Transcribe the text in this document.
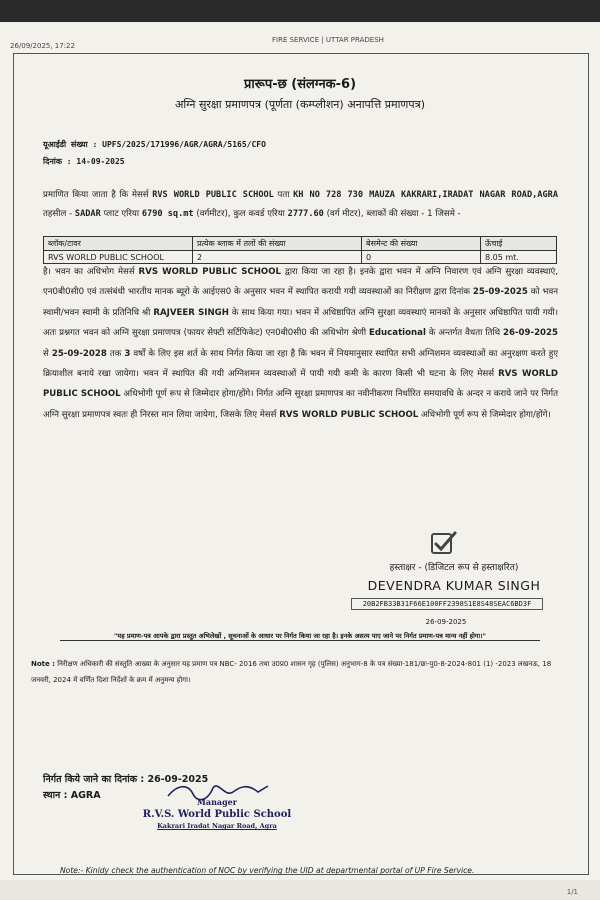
26/09/2025, 17:22
FIRE SERVICE | UTTAR PRADESH
प्रारूप-छ (संलग्नक-6)
अग्नि सुरक्षा प्रमाणपत्र (पूर्णता (कम्प्लीशन) अनापत्ति प्रमाणपत्र)
यूआईडी संख्या : UPFS/2025/171996/AGR/AGRA/5165/CFO
दिनांक : 14-09-2025
प्रमाणित किया जाता है कि मेसर्स RVS WORLD PUBLIC SCHOOL पता KH NO 728 730 MAUZA KAKRARI,IRADAT NAGAR ROAD,AGRA तहसील - SADAR प्लाट एरिया 6790 sq.mt (वर्गमीटर), कुल कवर्ड एरिया 2777.60 (वर्ग मीटर), ब्लाकों की संख्या - 1 जिसमे -
ब्लॉक/टावर	प्रत्येक ब्लाक में तलों की संख्या	बेसमेन्ट की संख्या	ऊँचाई
RVS WORLD PUBLIC SCHOOL	2	0	8.05 mt.
है। भवन का अधिभोग मेसर्स RVS WORLD PUBLIC SCHOOL द्वारा किया जा रहा है। इनके द्वारा भवन में अग्नि निवारण एवं अग्नि सुरक्षा व्यवस्थाएं, एन0बी0सी0 एवं तत्संबंधी भारतीय मानक ब्यूरो के आईएस0 के अनुसार भवन में स्थापित करायी गयी व्यवस्थाओं का निरीक्षण द्वारा दिनांक 25-09-2025 को भवन स्वामी/भवन स्वामी के प्रतिनिधि श्री RAJVEER SINGH के साथ किया गया। भवन में अधिष्ठापित अग्नि सुरक्षा व्यवस्थाएं मानकों के अनुसार अधिष्ठापित पायी गयी। अतः प्रश्नगत भवन को अग्नि सुरक्षा प्रमाणपत्र (फायर सेफ्टी सर्टिफिकेट) एन0बी0सी0 की अधिभोग श्रेणी Educational के अन्तर्गत वैधता तिथि 26-09-2025 से 25-09-2028 तक 3 वर्षों के लिए इस शर्त के साथ निर्गत किया जा रहा है कि भवन में नियमानुसार स्थापित सभी अग्निशमन व्यवस्थाओं का अनुरक्षण करते हुए क्रियाशील बनाये रखा जायेगा। भवन में स्थापित की गयी अग्निशमन व्यवस्थाओं में पायी गयी कमी के कारण किसी भी घटना के लिए मेसर्स RVS WORLD PUBLIC SCHOOL अधिभोगी पूर्ण रूप से जिम्मेदार होगा/होंगे। निर्गत अग्नि सुरक्षा प्रमाणपत्र का नवीनीकरण निर्धारित समयावधि के अन्दर न कराये जाने पर निर्गत अग्नि सुरक्षा प्रमाणपत्र स्वतः ही निरस्त मान लिया जायेगा, जिसके लिए मेसर्स RVS WORLD PUBLIC SCHOOL अधिभोगी पूर्ण रूप से जिम्मेदार होगा/होंगे।
"यह प्रमाण-पत्र आपके द्वारा प्रस्तुत अभिलेखों , सूचनाओं के आधार पर निर्गत किया जा रहा है। इनके असत्य पाए जाने पर निर्गत प्रमाण-पत्र मान्य नहीं होगा।"
Note : निरीक्षण अधिकारी की संस्तुति आख्या के अनुसार यह प्रमाण पत्र NBC- 2016 तथा उ0प्र0 शासन गृह (पुलिस) अनुभाग-8 के पत्र संख्या-181/छः-पु0-8-2024-801 (1) -2023 लखनऊ, 18 जनवरी, 2024 में वर्णित दिशा निर्देशों के क्रम में अनुमन्य होगा।
हस्ताक्षर - (डिजिटल रूप से हस्ताक्षरित)
DEVENDRA KUMAR SINGH
20B2FB33B31F66E100FF2398S1E8S48SEAC6BD3F
26-09-2025
निर्गत किये जाने का दिनांक : 26-09-2025
स्थान : AGRA
Manager
R.V.S. World Public School
Kakrari Iradat Nagar Road, Agra
Note:- Kinldy check the authentication of NOC by verifying the UID at departmental portal of UP Fire Service.
1/1
